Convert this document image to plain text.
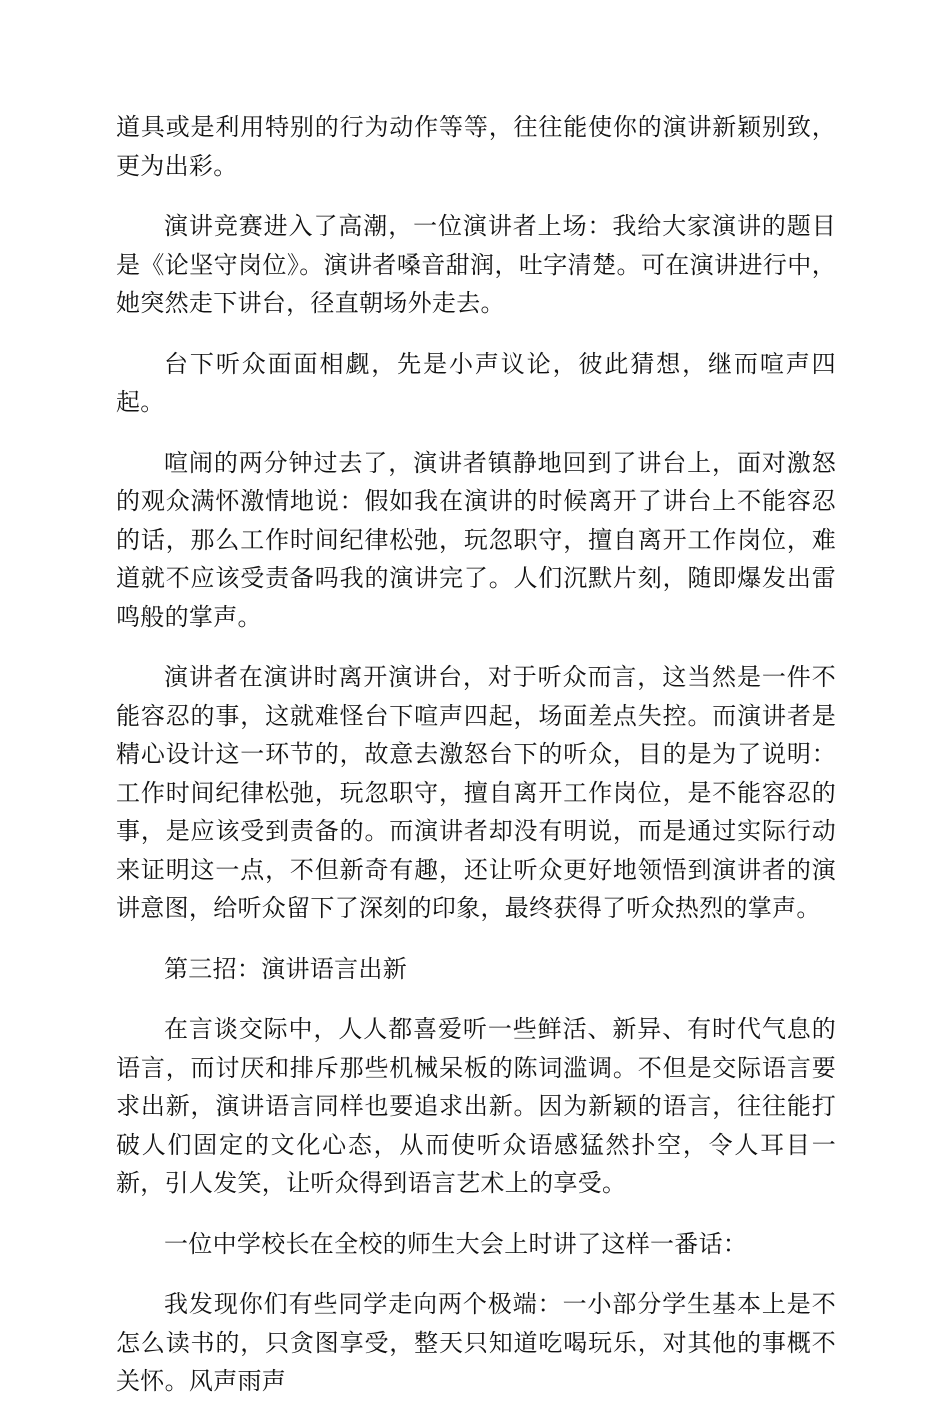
道具或是利用特别的行为动作等等，往往能使你的演讲新颖别致，更为出彩。

演讲竞赛进入了高潮，一位演讲者上场：我给大家演讲的题目是《论坚守岗位》。演讲者嗓音甜润，吐字清楚。可在演讲进行中，她突然走下讲台，径直朝场外走去。

台下听众面面相觑，先是小声议论，彼此猜想，继而喧声四起。

喧闹的两分钟过去了，演讲者镇静地回到了讲台上，面对激怒的观众满怀激情地说：假如我在演讲的时候离开了讲台上不能容忍的话，那么工作时间纪律松弛，玩忽职守，擅自离开工作岗位，难道就不应该受责备吗我的演讲完了。人们沉默片刻，随即爆发出雷鸣般的掌声。

演讲者在演讲时离开演讲台，对于听众而言，这当然是一件不能容忍的事，这就难怪台下喧声四起，场面差点失控。而演讲者是精心设计这一环节的，故意去激怒台下的听众，目的是为了说明：工作时间纪律松弛，玩忽职守，擅自离开工作岗位，是不能容忍的事，是应该受到责备的。而演讲者却没有明说，而是通过实际行动来证明这一点，不但新奇有趣，还让听众更好地领悟到演讲者的演讲意图，给听众留下了深刻的印象，最终获得了听众热烈的掌声。

第三招：演讲语言出新

在言谈交际中，人人都喜爱听一些鲜活、新异、有时代气息的语言，而讨厌和排斥那些机械呆板的陈词滥调。不但是交际语言要求出新，演讲语言同样也要追求出新。因为新颖的语言，往往能打破人们固定的文化心态，从而使听众语感猛然扑空，令人耳目一新，引人发笑，让听众得到语言艺术上的享受。

一位中学校长在全校的师生大会上时讲了这样一番话：

我发现你们有些同学走向两个极端：一小部分学生基本上是不怎么读书的，只贪图享受，整天只知道吃喝玩乐，对其他的事概不关怀。风声雨声
